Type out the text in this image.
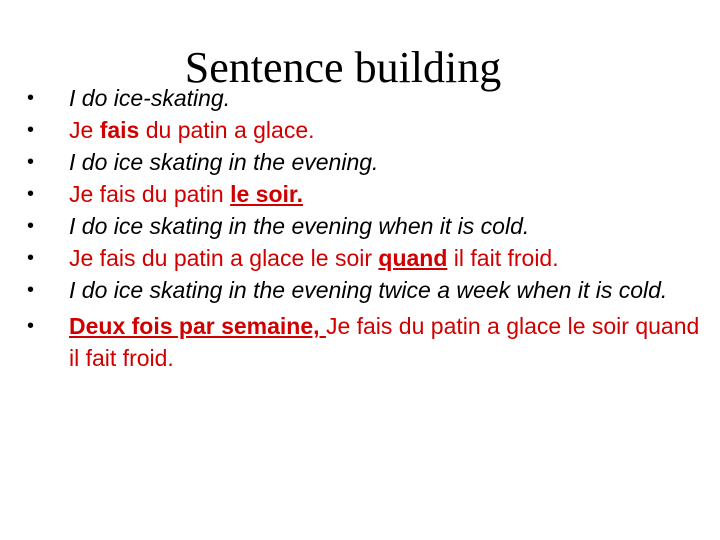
Sentence building
• I do ice-skating.
• Je fais du patin a glace.
• I do ice skating in the evening.
• Je fais du patin le soir.
• I do ice skating in the evening when it is cold.
• Je fais du patin a glace le soir quand il fait froid.
• I do ice skating in the evening twice a week when it is cold.
• Deux fois par semaine, Je fais du patin a glace le soir quand il fait froid.
